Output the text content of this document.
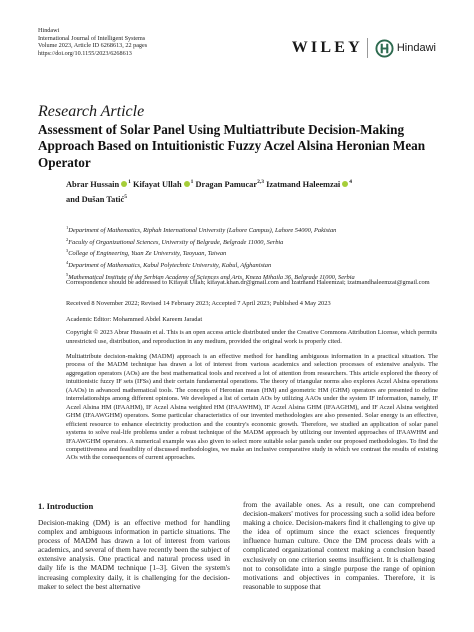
Hindawi
International Journal of Intelligent Systems
Volume 2023, Article ID 6268613, 22 pages
https://doi.org/10.1155/2023/6268613	WILEY	Hindawi
Research Article
Assessment of Solar Panel Using Multiattribute Decision-Making Approach Based on Intuitionistic Fuzzy Aczel Alsina Heronian Mean Operator
Abrar Hussain $^1$ Kifayat Ullah $^1$ Dragan Pamucar$^{2,3}$ Izatmand Haleemzai $^4$
and Dušan Tatić$^5$
$^1$Department of Mathematics, Riphah International University (Lahore Campus), Lahore 54000, Pakistan
$^2$Faculty of Organizational Sciences, University of Belgrade, Belgrade 11000, Serbia
$^3$College of Engineering, Yuan Ze University, Taoyuan, Taiwan
$^4$Department of Mathematics, Kabul Polytechnic University, Kabul, Afghanistan
$^5$Mathematical Institute of the Serbian Academy of Sciences and Arts, Kneza Mihaila 36, Belgrade 11000, Serbia
Correspondence should be addressed to Kifayat Ullah; kifayat.khan.dr@gmail.com and Izatmand Haleemzai; izatmandhaleemzai@gmail.com
Received 8 November 2022; Revised 14 February 2023; Accepted 7 April 2023; Published 4 May 2023
Academic Editor: Mohammed Abdel Kareem Jaradat
Copyright © 2023 Abrar Hussain et al. This is an open access article distributed under the Creative Commons Attribution License, which permits unrestricted use, distribution, and reproduction in any medium, provided the original work is properly cited.
Multiattribute decision-making (MADM) approach is an effective method for handling ambiguous information in a practical situation. The process of the MADM technique has drawn a lot of interest from various academics and selection processes of extensive analysis. The aggregation operators (AOs) are the best mathematical tools and received a lot of attention from researchers. This article explored the theory of intuitionistic fuzzy IF sets (IFSs) and their certain fundamental operations. The theory of triangular norms also explores Aczel Alsina operations (AAOs) in advanced mathematical tools. The concepts of Heronian mean (HM) and geometric HM (GHM) operators are presented to define interrelationships among different opinions. We developed a list of certain AOs by utilizing AAOs under the system IF information, namely, IF Aczel Alsina HM (IFAAHM), IF Aczel Alsina weighted HM (IFAAWHM), IF Aczel Alsina GHM (IFAAGHM), and IF Aczel Alsina weighted GHM (IFAAWGHM) operators. Some particular characteristics of our invented methodologies are also presented. Solar energy is an effective, efficient resource to enhance electricity production and the country's economic growth. Therefore, we studied an application of solar panel systems to solve real-life problems under a robust technique of the MADM approach by utilizing our invented approaches of IFAAWHM and IFAAWGHM operators. A numerical example was also given to select more suitable solar panels under our proposed methodologies. To find the competitiveness and feasibility of discussed methodologies, we make an inclusive comparative study in which we contrast the results of existing AOs with the consequences of current approaches.
1. Introduction
Decision-making (DM) is an effective method for handling complex and ambiguous information in particle situations. The process of MADM has drawn a lot of interest from various academics, and several of them have recently been the subject of extensive analysis. One practical and natural process used in daily life is the MADM technique [1–3]. Given the system's increasing complexity daily, it is challenging for the decision-maker to select the best alternative
from the available ones. As a result, one can comprehend decision-makers' motives for processing such a solid idea before making a choice. Decision-makers find it challenging to give up the idea of optimum since the exact sciences frequently influence human culture. Once the DM process deals with a complicated organizational context making a conclusion based exclusively on one criterion seems insufficient. It is challenging not to consolidate into a single purpose the range of opinion motivations and objectives in companies. Therefore, it is reasonable to suppose that
